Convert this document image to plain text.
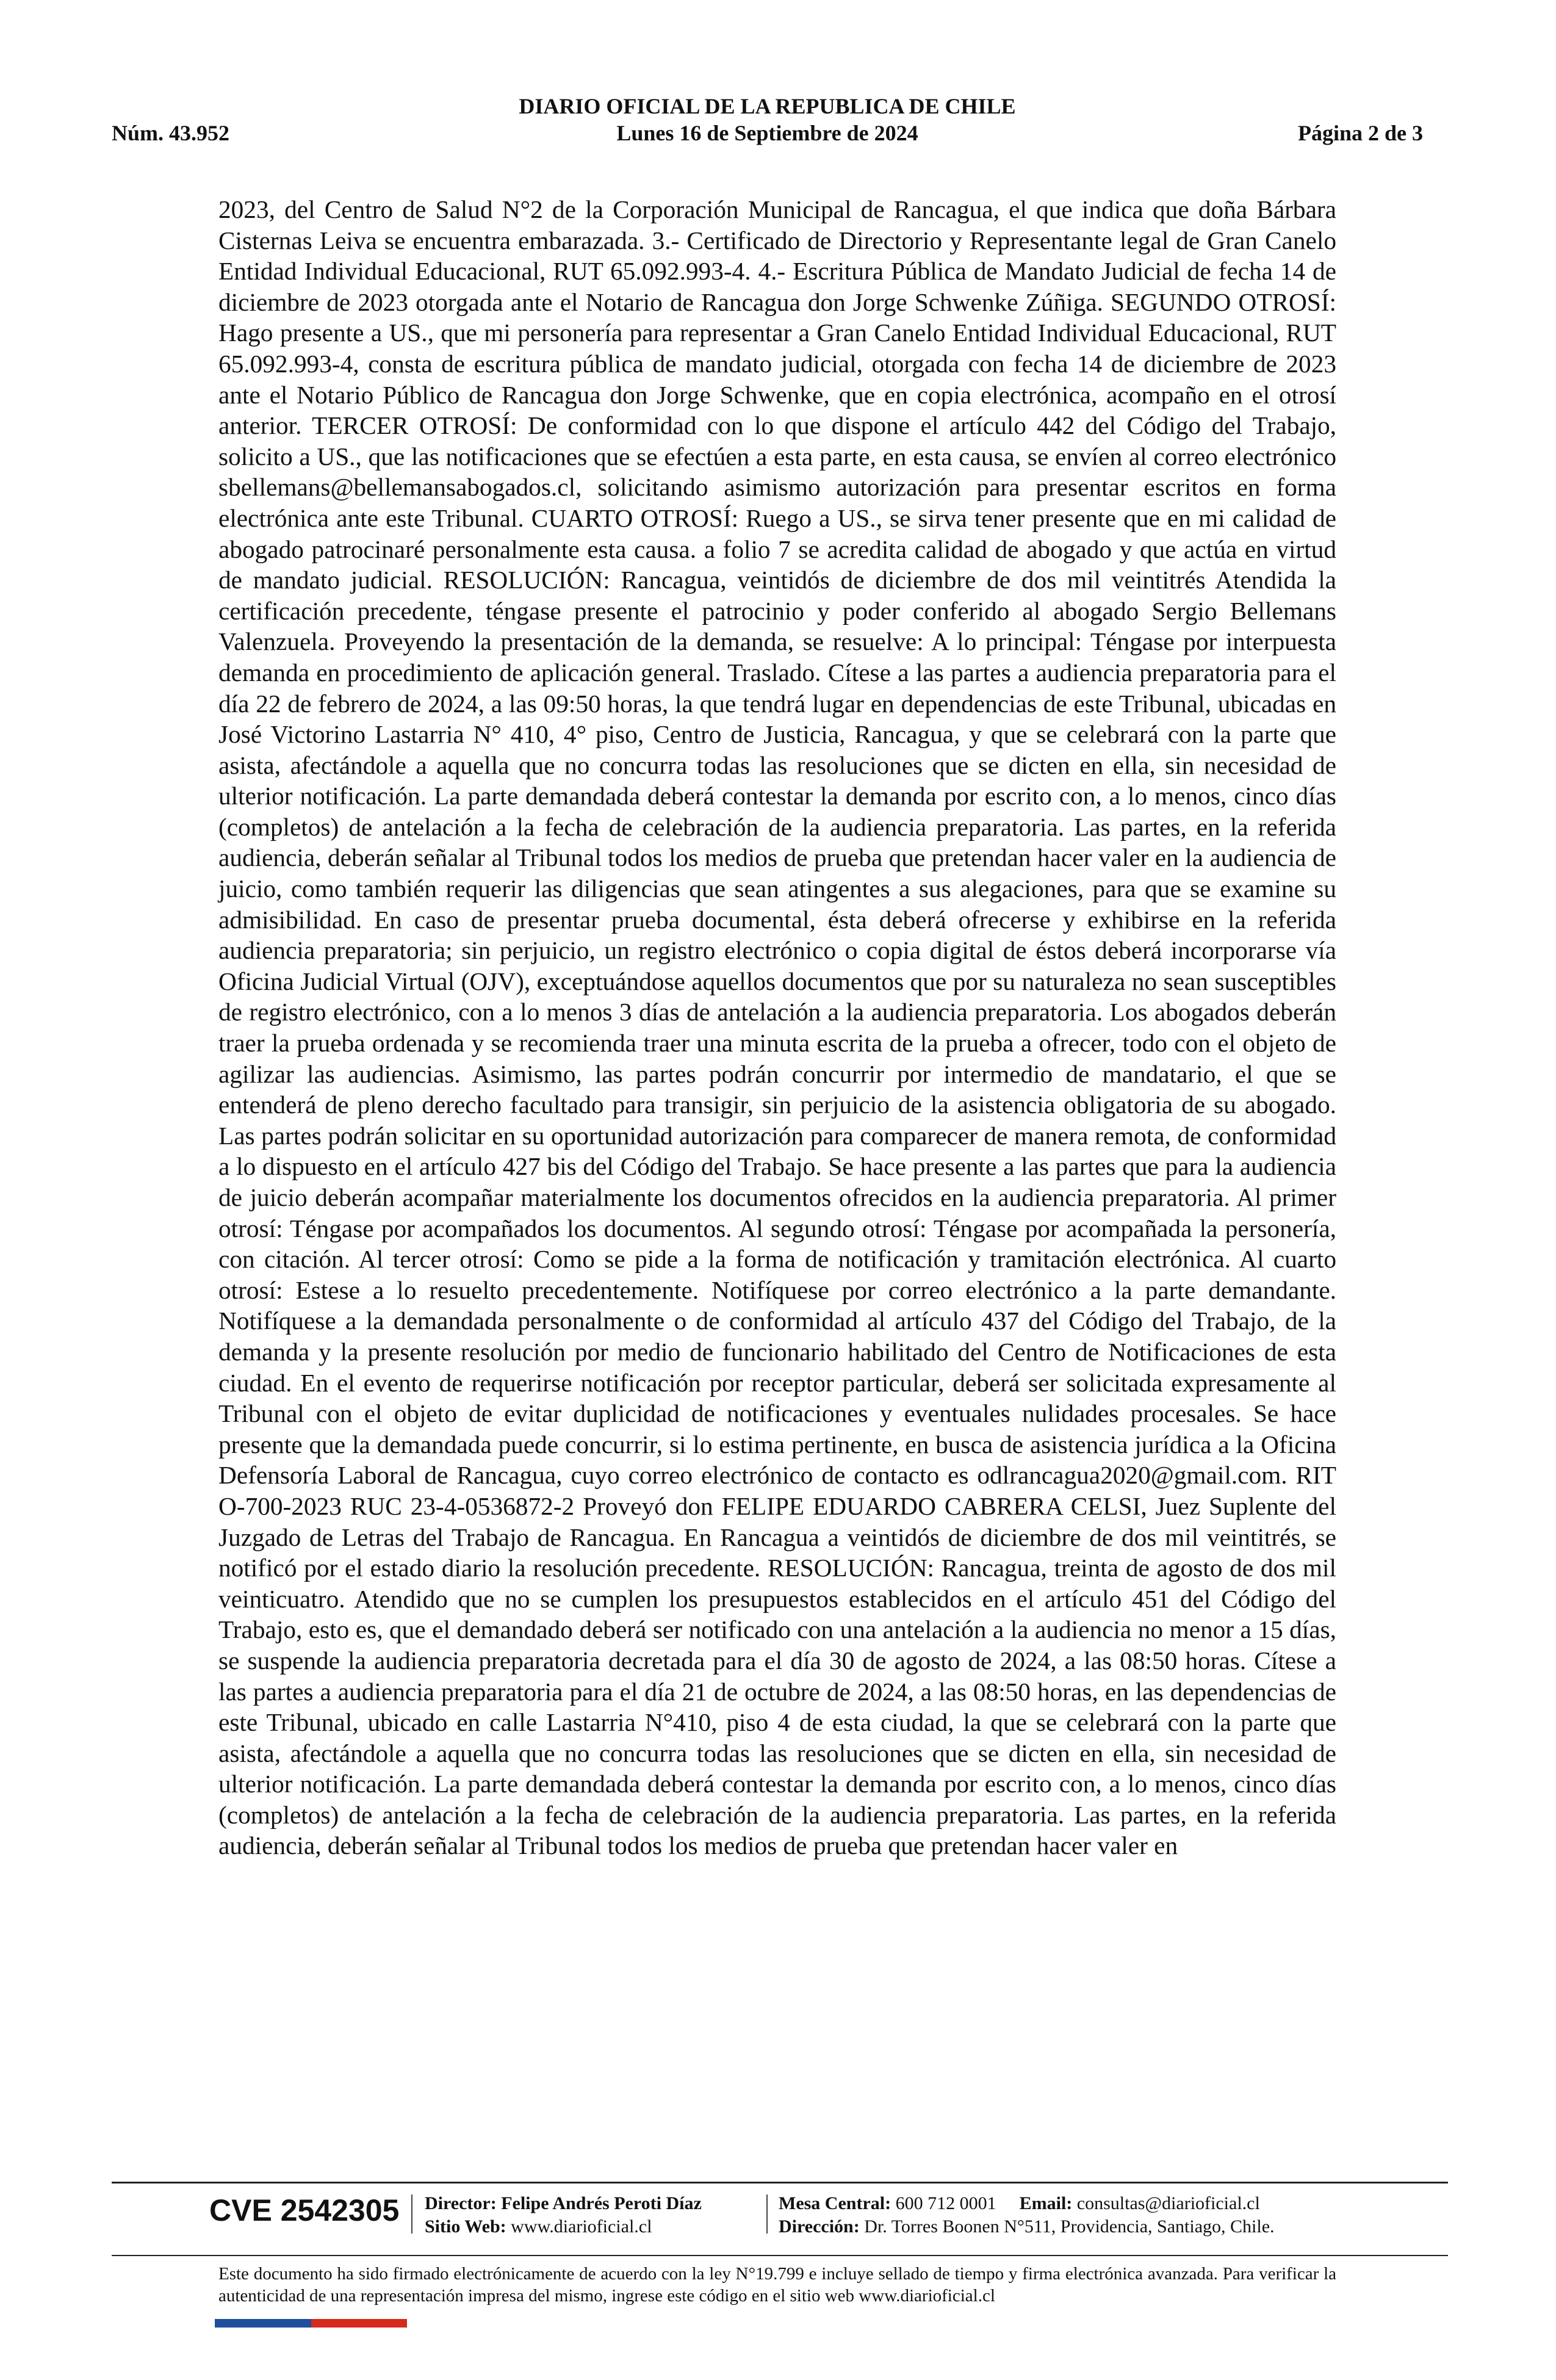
DIARIO OFICIAL DE LA REPUBLICA DE CHILE
Núm. 43.952	Lunes 16 de Septiembre de 2024	Página 2 de 3

2023, del Centro de Salud N°2 de la Corporación Municipal de Rancagua, el que indica que doña Bárbara Cisternas Leiva se encuentra embarazada. 3.- Certificado de Directorio y Representante legal de Gran Canelo Entidad Individual Educacional, RUT 65.092.993-4. 4.- Escritura Pública de Mandato Judicial de fecha 14 de diciembre de 2023 otorgada ante el Notario de Rancagua don Jorge Schwenke Zúñiga. SEGUNDO OTROSÍ: Hago presente a US., que mi personería para representar a Gran Canelo Entidad Individual Educacional, RUT 65.092.993-4, consta de escritura pública de mandato judicial, otorgada con fecha 14 de diciembre de 2023 ante el Notario Público de Rancagua don Jorge Schwenke, que en copia electrónica, acompaño en el otrosí anterior. TERCER OTROSÍ: De conformidad con lo que dispone el artículo 442 del Código del Trabajo, solicito a US., que las notificaciones que se efectúen a esta parte, en esta causa, se envíen al correo electrónico sbellemans@bellemansabogados.cl, solicitando asimismo autorización para presentar escritos en forma electrónica ante este Tribunal. CUARTO OTROSÍ: Ruego a US., se sirva tener presente que en mi calidad de abogado patrocinaré personalmente esta causa. a folio 7 se acredita calidad de abogado y que actúa en virtud de mandato judicial. RESOLUCIÓN: Rancagua, veintidós de diciembre de dos mil veintitrés Atendida la certificación precedente, téngase presente el patrocinio y poder conferido al abogado Sergio Bellemans Valenzuela. Proveyendo la presentación de la demanda, se resuelve: A lo principal: Téngase por interpuesta demanda en procedimiento de aplicación general. Traslado. Cítese a las partes a audiencia preparatoria para el día 22 de febrero de 2024, a las 09:50 horas, la que tendrá lugar en dependencias de este Tribunal, ubicadas en José Victorino Lastarria N° 410, 4° piso, Centro de Justicia, Rancagua, y que se celebrará con la parte que asista, afectándole a aquella que no concurra todas las resoluciones que se dicten en ella, sin necesidad de ulterior notificación. La parte demandada deberá contestar la demanda por escrito con, a lo menos, cinco días (completos) de antelación a la fecha de celebración de la audiencia preparatoria. Las partes, en la referida audiencia, deberán señalar al Tribunal todos los medios de prueba que pretendan hacer valer en la audiencia de juicio, como también requerir las diligencias que sean atingentes a sus alegaciones, para que se examine su admisibilidad. En caso de presentar prueba documental, ésta deberá ofrecerse y exhibirse en la referida audiencia preparatoria; sin perjuicio, un registro electrónico o copia digital de éstos deberá incorporarse vía Oficina Judicial Virtual (OJV), exceptuándose aquellos documentos que por su naturaleza no sean susceptibles de registro electrónico, con a lo menos 3 días de antelación a la audiencia preparatoria. Los abogados deberán traer la prueba ordenada y se recomienda traer una minuta escrita de la prueba a ofrecer, todo con el objeto de agilizar las audiencias. Asimismo, las partes podrán concurrir por intermedio de mandatario, el que se entenderá de pleno derecho facultado para transigir, sin perjuicio de la asistencia obligatoria de su abogado. Las partes podrán solicitar en su oportunidad autorización para comparecer de manera remota, de conformidad a lo dispuesto en el artículo 427 bis del Código del Trabajo. Se hace presente a las partes que para la audiencia de juicio deberán acompañar materialmente los documentos ofrecidos en la audiencia preparatoria. Al primer otrosí: Téngase por acompañados los documentos. Al segundo otrosí: Téngase por acompañada la personería, con citación. Al tercer otrosí: Como se pide a la forma de notificación y tramitación electrónica. Al cuarto otrosí: Estese a lo resuelto precedentemente. Notifíquese por correo electrónico a la parte demandante. Notifíquese a la demandada personalmente o de conformidad al artículo 437 del Código del Trabajo, de la demanda y la presente resolución por medio de funcionario habilitado del Centro de Notificaciones de esta ciudad. En el evento de requerirse notificación por receptor particular, deberá ser solicitada expresamente al Tribunal con el objeto de evitar duplicidad de notificaciones y eventuales nulidades procesales. Se hace presente que la demandada puede concurrir, si lo estima pertinente, en busca de asistencia jurídica a la Oficina Defensoría Laboral de Rancagua, cuyo correo electrónico de contacto es odlrancagua2020@gmail.com. RIT O-700-2023 RUC 23-4-0536872-2 Proveyó don FELIPE EDUARDO CABRERA CELSI, Juez Suplente del Juzgado de Letras del Trabajo de Rancagua. En Rancagua a veintidós de diciembre de dos mil veintitrés, se notificó por el estado diario la resolución precedente. RESOLUCIÓN: Rancagua, treinta de agosto de dos mil veinticuatro. Atendido que no se cumplen los presupuestos establecidos en el artículo 451 del Código del Trabajo, esto es, que el demandado deberá ser notificado con una antelación a la audiencia no menor a 15 días, se suspende la audiencia preparatoria decretada para el día 30 de agosto de 2024, a las 08:50 horas. Cítese a las partes a audiencia preparatoria para el día 21 de octubre de 2024, a las 08:50 horas, en las dependencias de este Tribunal, ubicado en calle Lastarria N°410, piso 4 de esta ciudad, la que se celebrará con la parte que asista, afectándole a aquella que no concurra todas las resoluciones que se dicten en ella, sin necesidad de ulterior notificación. La parte demandada deberá contestar la demanda por escrito con, a lo menos, cinco días (completos) de antelación a la fecha de celebración de la audiencia preparatoria. Las partes, en la referida audiencia, deberán señalar al Tribunal todos los medios de prueba que pretendan hacer valer en

CVE 2542305 Director: Felipe Andrés Peroti Díaz
Sitio Web: www.diarioficial.cl
Mesa Central: 600 712 0001 Email: consultas@diarioficial.cl
Dirección: Dr. Torres Boonen N°511, Providencia, Santiago, Chile.

Este documento ha sido firmado electrónicamente de acuerdo con la ley N°19.799 e incluye sellado de tiempo y firma electrónica avanzada. Para verificar la autenticidad de una representación impresa del mismo, ingrese este código en el sitio web www.diarioficial.cl
